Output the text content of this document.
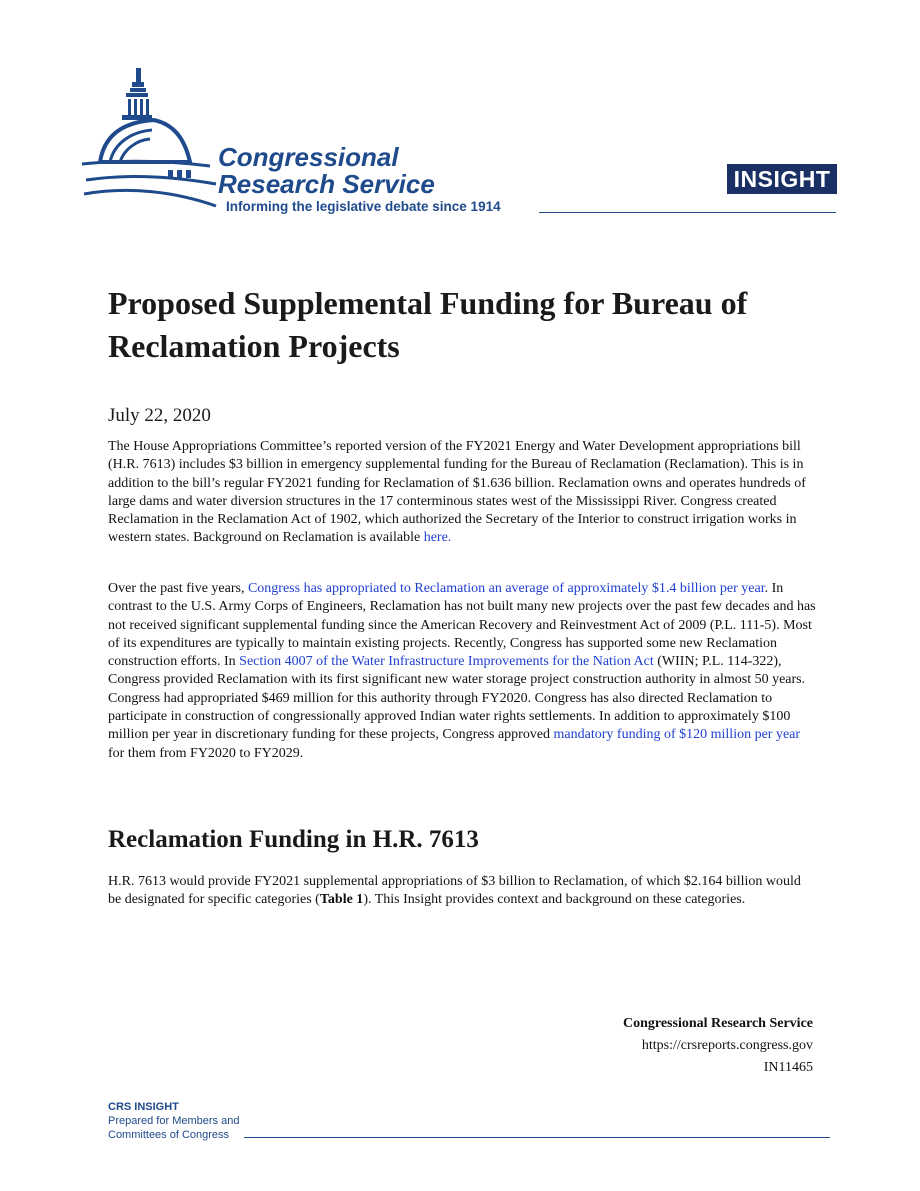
Congressional
Research Service
Informing the legislative debate since 1914
INSIGHT
Proposed Supplemental Funding for Bureau of Reclamation Projects
July 22, 2020

The House Appropriations Committee’s reported version of the FY2021 Energy and Water Development appropriations bill (H.R. 7613) includes $3 billion in emergency supplemental funding for the Bureau of Reclamation (Reclamation). This is in addition to the bill’s regular FY2021 funding for Reclamation of $1.636 billion. Reclamation owns and operates hundreds of large dams and water diversion structures in the 17 conterminous states west of the Mississippi River. Congress created Reclamation in the Reclamation Act of 1902, which authorized the Secretary of the Interior to construct irrigation works in western states. Background on Reclamation is available here.

Over the past five years, Congress has appropriated to Reclamation an average of approximately $1.4 billion per year. In contrast to the U.S. Army Corps of Engineers, Reclamation has not built many new projects over the past few decades and has not received significant supplemental funding since the American Recovery and Reinvestment Act of 2009 (P.L. 111-5). Most of its expenditures are typically to maintain existing projects. Recently, Congress has supported some new Reclamation construction efforts. In Section 4007 of the Water Infrastructure Improvements for the Nation Act (WIIN; P.L. 114-322), Congress provided Reclamation with its first significant new water storage project construction authority in almost 50 years. Congress had appropriated $469 million for this authority through FY2020. Congress has also directed Reclamation to participate in construction of congressionally approved Indian water rights settlements. In addition to approximately $100 million per year in discretionary funding for these projects, Congress approved mandatory funding of $120 million per year for them from FY2020 to FY2029.

Reclamation Funding in H.R. 7613

H.R. 7613 would provide FY2021 supplemental appropriations of $3 billion to Reclamation, of which $2.164 billion would be designated for specific categories (Table 1). This Insight provides context and background on these categories.

Congressional Research Service
https://crsreports.congress.gov
IN11465
CRS INSIGHT
Prepared for Members and
Committees of Congress
